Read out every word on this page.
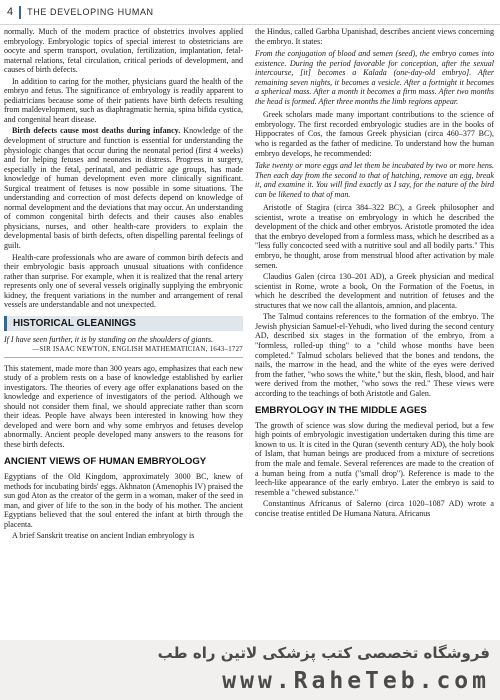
4 THE DEVELOPING HUMAN

normally. Much of the modern practice of obstetrics involves applied embryology. Embryologic topics of special interest to obstetricians are oocyte and sperm transport, ovulation, fertilization, implantation, fetal-maternal relations, fetal circulation, critical periods of development, and causes of birth defects.

In addition to caring for the mother, physicians guard the health of the embryo and fetus. The significance of embryology is readily apparent to pediatricians because some of their patients have birth defects resulting from maldevelopment, such as diaphragmatic hernia, spina bifida cystica, and congenital heart disease.

Birth defects cause most deaths during infancy. Knowledge of the development of structure and function is essential for understanding the physiologic changes that occur during the neonatal period (first 4 weeks) and for helping fetuses and neonates in distress. Progress in surgery, especially in the fetal, perinatal, and pediatric age groups, has made knowledge of human development even more clinically significant. Surgical treatment of fetuses is now possible in some situations. The understanding and correction of most defects depend on knowledge of normal development and the deviations that may occur. An understanding of common congenital birth defects and their causes also enables physicians, nurses, and other health-care providers to explain the developmental basis of birth defects, often dispelling parental feelings of guilt.

Health-care professionals who are aware of common birth defects and their embryologic basis approach unusual situations with confidence rather than surprise. For example, when it is realized that the renal artery represents only one of several vessels originally supplying the embryonic kidney, the frequent variations in the number and arrangement of renal vessels are understandable and not unexpected.

HISTORICAL GLEANINGS

If I have seen further, it is by standing on the shoulders of giants.

—SIR ISAAC NEWTON, ENGLISH MATHEMATICIAN, 1643–1727

This statement, made more than 300 years ago, emphasizes that each new study of a problem rests on a base of knowledge established by earlier investigators. The theories of every age offer explanations based on the knowledge and experience of investigators of the period. Although we should not consider them final, we should appreciate rather than scorn their ideas. People have always been interested in knowing how they developed and were born and why some embryos and fetuses develop abnormally. Ancient people developed many answers to the reasons for these birth defects.

ANCIENT VIEWS OF HUMAN EMBRYOLOGY

Egyptians of the Old Kingdom, approximately 3000 BC, knew of methods for incubating birds' eggs. Akhnaton (Amenophis IV) praised the sun god Aton as the creator of the germ in a woman, maker of the seed in man, and giver of life to the son in the body of his mother. The ancient Egyptians believed that the soul entered the infant at birth through the placenta.

A brief Sanskrit treatise on ancient Indian embryology is

the Hindus, called Garbha Upanishad, describes ancient views concerning the embryo. It states:

From the conjugation of blood and semen (seed), the embryo comes into existence. During the period favorable for conception, after the sexual intercourse, [it] becomes a Kalada (one-day-old embryo]. After remaining seven nights, it becomes a vesicle. After a fortnight it becomes a spherical mass. After a month it becomes a firm mass. After two months the head is formed. After three months the limb regions appear.

Greek scholars made many important contributions to the science of embryology. The first recorded embryologic studies are in the books of Hippocrates of Cos, the famous Greek physician (circa 460–377 BC), who is regarded as the father of medicine. To understand how the human embryo develops, he recommended:

Take twenty or more eggs and let them be incubated by two or more hens. Then each day from the second to that of hatching, remove an egg, break it, and examine it. You will find exactly as I say, for the nature of the bird can be likened to that of man.

Aristotle of Stagira (circa 384–322 BC), a Greek philosopher and scientist, wrote a treatise on embryology in which he described the development of the chick and other embryos. Aristotle promoted the idea that the embryo developed from a formless mass, which he described as a "less fully concocted seed with a nutritive soul and all bodily parts." This embryo, he thought, arose from menstrual blood after activation by male semen.

Claudius Galen (circa 130–201 AD), a Greek physician and medical scientist in Rome, wrote a book, On the Formation of the Foetus, in which he described the development and nutrition of fetuses and the structures that we now call the allantois, amnion, and placenta.

The Talmud contains references to the formation of the embryo. The Jewish physician Samuel-el-Yehudi, who lived during the second century AD, described six stages in the formation of the embryo, from a "formless, rolled-up thing" to a "child whose months have been completed." Talmud scholars believed that the bones and tendons, the nails, the marrow in the head, and the white of the eyes were derived from the father, "who sows the white," but the skin, flesh, blood, and hair were derived from the mother, "who sows the red." These views were according to the teachings of both Aristotle and Galen.

EMBRYOLOGY IN THE MIDDLE AGES

The growth of science was slow during the medieval period, but a few high points of embryologic investigation undertaken during this time are known to us. It is cited in the Quran (seventh century AD), the holy book of Islam, that human beings are produced from a mixture of secretions from the male and female. Several references are made to the creation of a human being from a nutfa ("small drop"). Reference is made to the leech-like appearance of the early embryo. Later the embryo is said to resemble a "chewed substance."

Constantinus Africanus of Salerno (circa 1020–1087 AD) wrote a concise treatise entitled De Humana Natura. Africanus

فروشگاه تخصصی کتب پزشکی لاتین راه طب
www.RaheTeb.com
